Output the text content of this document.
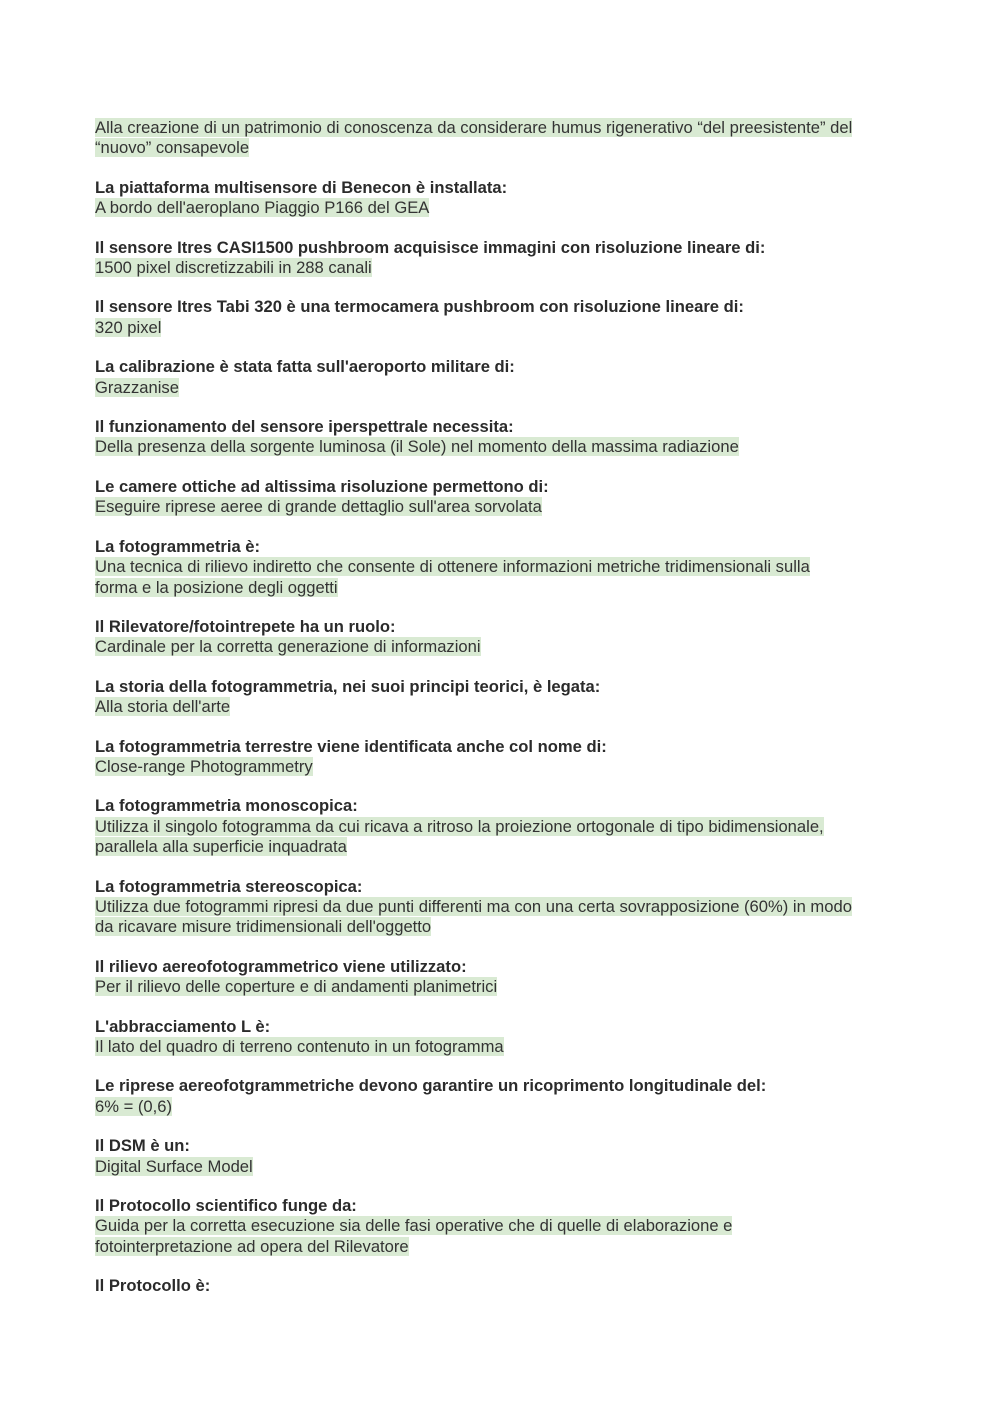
Alla creazione di un patrimonio di conoscenza da considerare humus rigenerativo “del preesistente” del
“nuovo” consapevole
La piattaforma multisensore di Benecon è installata:
A bordo dell'aeroplano Piaggio P166 del GEA
Il sensore Itres CASI1500 pushbroom acquisisce immagini con risoluzione lineare di:
1500 pixel discretizzabili in 288 canali
Il sensore Itres Tabi 320 è una termocamera pushbroom con risoluzione lineare di:
320 pixel
La calibrazione è stata fatta sull'aeroporto militare di:
Grazzanise
Il funzionamento del sensore iperspettrale necessita:
Della presenza della sorgente luminosa (il Sole) nel momento della massima radiazione
Le camere ottiche ad altissima risoluzione permettono di:
Eseguire riprese aeree di grande dettaglio sull'area sorvolata
La fotogrammetria è:
Una tecnica di rilievo indiretto che consente di ottenere informazioni metriche tridimensionali sulla
forma e la posizione degli oggetti
Il Rilevatore/fotointrepete ha un ruolo:
Cardinale per la corretta generazione di informazioni
La storia della fotogrammetria, nei suoi principi teorici, è legata:
Alla storia dell'arte
La fotogrammetria terrestre viene identificata anche col nome di:
Close-range Photogrammetry
La fotogrammetria monoscopica:
Utilizza il singolo fotogramma da cui ricava a ritroso la proiezione ortogonale di tipo bidimensionale,
parallela alla superficie inquadrata
La fotogrammetria stereoscopica:
Utilizza due fotogrammi ripresi da due punti differenti ma con una certa sovrapposizione (60%) in modo
da ricavare misure tridimensionali dell'oggetto
Il rilievo aereofotogrammetrico viene utilizzato:
Per il rilievo delle coperture e di andamenti planimetrici
L'abbracciamento L è:
Il lato del quadro di terreno contenuto in un fotogramma
Le riprese aereofotgrammetriche devono garantire un ricoprimento longitudinale del:
6% = (0,6)
Il DSM è un:
Digital Surface Model
Il Protocollo scientifico funge da:
Guida per la corretta esecuzione sia delle fasi operative che di quelle di elaborazione e
fotointerpretazione ad opera del Rilevatore
Il Protocollo è:
